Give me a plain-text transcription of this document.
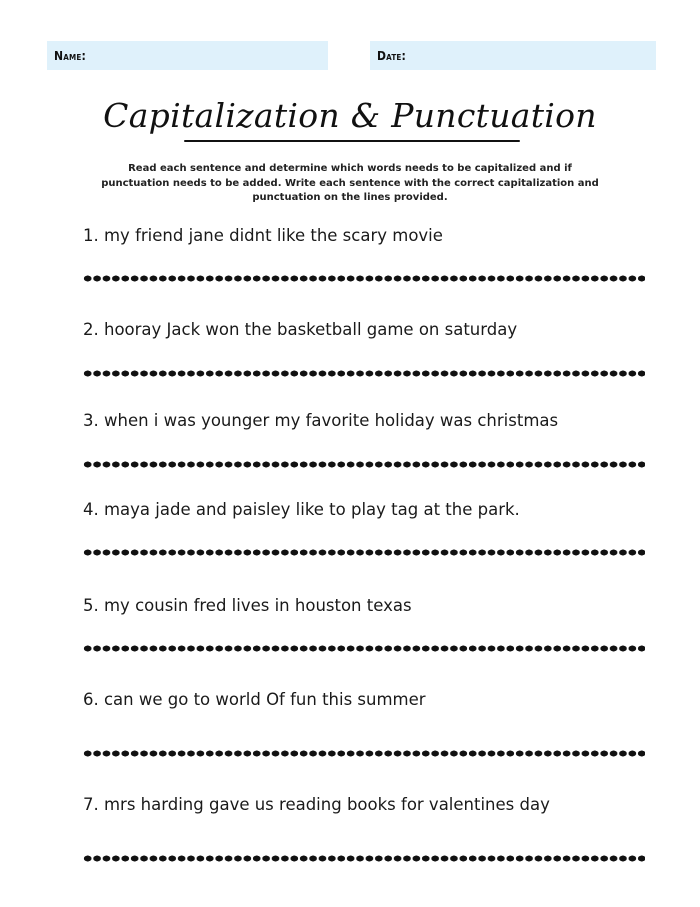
Name:	Date:
Capitalization & Punctuation
Read each sentence and determine which words needs to be capitalized and if punctuation needs to be added. Write each sentence with the correct capitalization and punctuation on the lines provided.
1. my friend jane didnt like the scary movie
2. hooray Jack won the basketball game on saturday
3. when i was younger my favorite holiday was christmas
4. maya jade and paisley like to play tag at the park.
5. my cousin fred lives in houston texas
6. can we go to world Of fun this summer
7. mrs harding gave us reading books for valentines day
